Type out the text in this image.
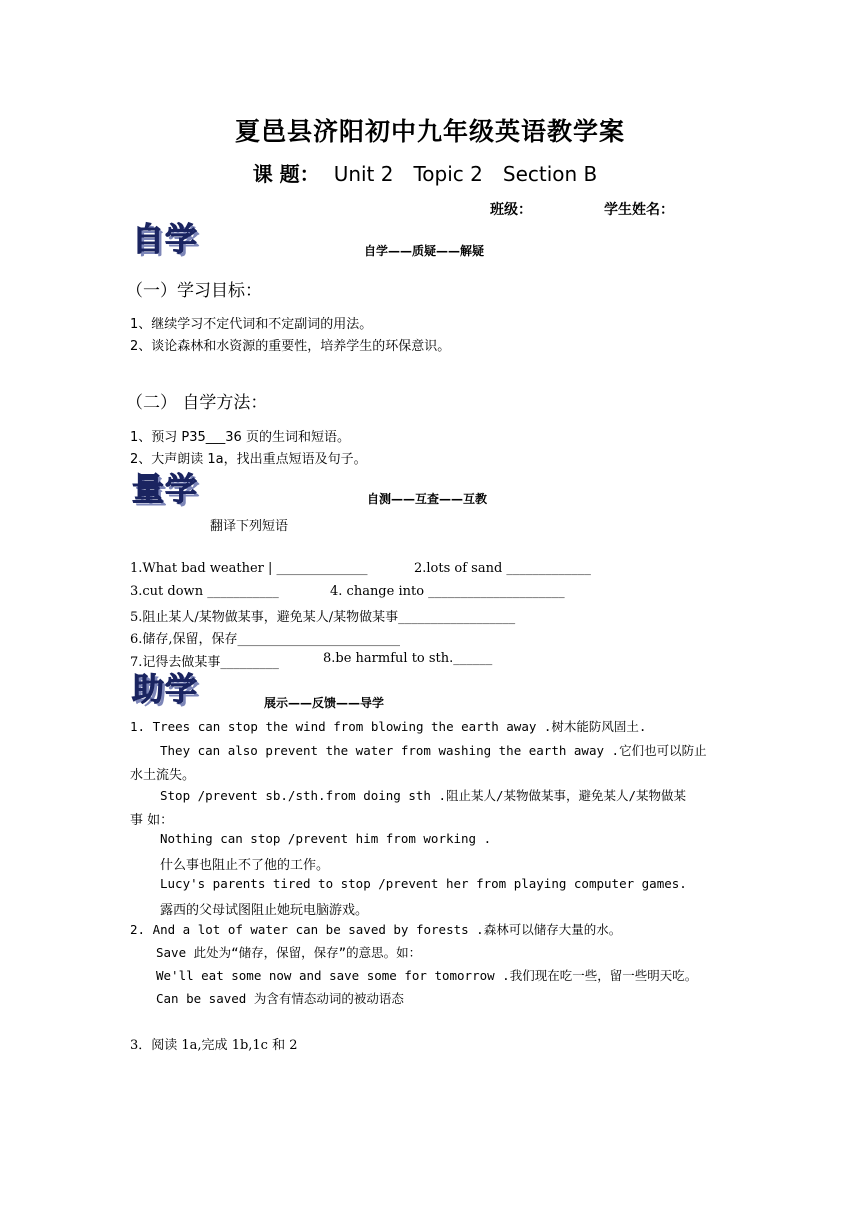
夏邑县济阳初中九年级英语教学案
课 题： Unit 2 Topic 2 Section B
班级：	学生姓名：
自学	自学——质疑——解疑
（一）学习目标：
1、继续学习不定代词和不定副词的用法。
2、谈论森林和水资源的重要性，培养学生的环保意识。
（二） 自学方法：
1、预习 P35___36 页的生词和短语。
2、大声朗读 1a，找出重点短语及句子。
量学	自测——互查——互教
翻译下列短语
1.What bad weather | ______________	2.lots of sand _____________
3.cut down ___________	4. change into _____________________
5.阻止某人/某物做某事，避免某人/某物做某事__________________
6.储存,保留，保存_________________________
7.记得去做某事_________	8.be harmful to sth.______
助学	展示——反馈——导学
1. Trees can stop the wind from blowing the earth away .树木能防风固土.
They can also prevent the water from washing the earth away .它们也可以防止
水土流失。
Stop /prevent sb./sth.from doing sth .阻止某人/某物做某事，避免某人/某物做某
事 如：
Nothing can stop /prevent him from working .
什么事也阻止不了他的工作。
Lucy's parents tired to stop /prevent her from playing computer games.
露西的父母试图阻止她玩电脑游戏。
2. And a lot of water can be saved by forests .森林可以储存大量的水。
Save 此处为“储存，保留，保存”的意思。如：
We'll eat some now and save some for tomorrow .我们现在吃一些，留一些明天吃。
Can be saved 为含有情态动词的被动语态
3．阅读 1a,完成 1b,1c 和 2
